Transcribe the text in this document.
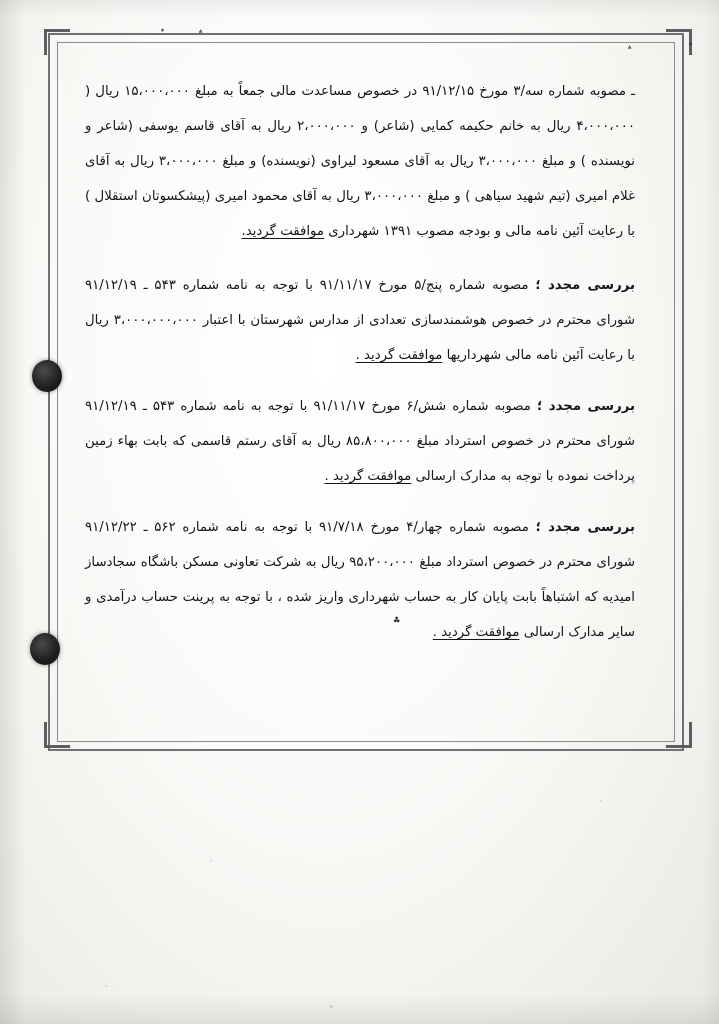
٭	؞
٭
؞

ـ مصوبه شماره سه/۳ مورخ ۹۱/۱۲/۱۵ در خصوص مساعدت مالی جمعاً به مبلغ ۱۵،۰۰۰،۰۰۰ ریال ( ۴،۰۰۰،۰۰۰ ریال به خانم حکیمه کمایی (شاعر) و ۲،۰۰۰،۰۰۰ ریال به آقای قاسم یوسفی (شاعر و نویسنده ) و مبلغ ۳،۰۰۰،۰۰۰ ریال به آقای مسعود لیراوی (نویسنده) و مبلغ ۳،۰۰۰،۰۰۰ ریال به آقای غلام امیری (تیم شهید سیاهی ) و مبلغ ۳،۰۰۰،۰۰۰ ریال به آقای محمود امیری (پیشکسوتان استقلال ) با رعایت آئین نامه مالی و بودجه مصوب ۱۳۹۱ شهرداری موافقت گردید.

بررسی مجدد ؛ مصوبه شماره پنج/۵ مورخ ۹۱/۱۱/۱۷ با توجه به نامه شماره ۵۴۳ ـ ۹۱/۱۲/۱۹ شورای محترم در خصوص هوشمندسازی تعدادی از مدارس شهرستان با اعتبار ۳،۰۰۰،۰۰۰،۰۰۰ ریال با رعایت آئین نامه مالی شهرداریها موافقت گردید .

بررسی مجدد ؛ مصوبه شماره شش/۶ مورخ ۹۱/۱۱/۱۷ با توجه به نامه شماره ۵۴۳ ـ ۹۱/۱۲/۱۹ شورای محترم در خصوص استرداد مبلغ ۸۵،۸۰۰،۰۰۰ ریال به آقای رستم قاسمی که بابت بهاء زمین پرداخت نموده با توجه به مدارک ارسالی موافقت گردید .

بررسی مجدد ؛ مصوبه شماره چهار/۴ مورخ ۹۱/۷/۱۸ با توجه به نامه شماره ۵۶۲ ـ ۹۱/۱۲/۲۲ شورای محترم در خصوص استرداد مبلغ ۹۵،۲۰۰،۰۰۰ ریال به شرکت تعاونی مسکن باشگاه سجادساز امیدیه که اشتباهاً بابت پایان کار به حساب شهرداری واریز شده ، با توجه به پرینت حساب درآمدی و سایر مدارک ارسالی موافقت گردید .

؞
